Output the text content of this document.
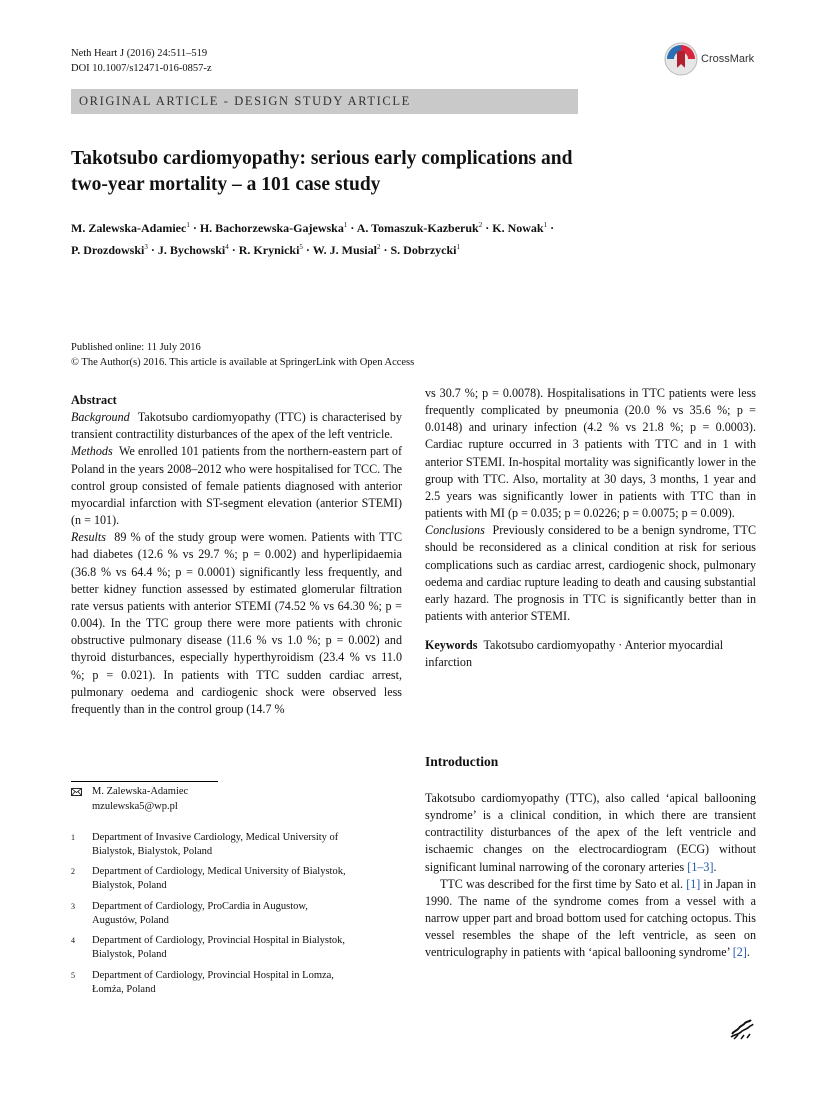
Neth Heart J (2016) 24:511–519
DOI 10.1007/s12471-016-0857-z
CrossMark
ORIGINAL ARTICLE - DESIGN STUDY ARTICLE
Takotsubo cardiomyopathy: serious early complications and
two-year mortality – a 101 case study
M. Zalewska-Adamiec$^1$ · H. Bachorzewska-Gajewska$^1$ · A. Tomaszuk-Kazberuk$^2$ · K. Nowak$^1$ ·
P. Drozdowski$^3$ · J. Bychowski$^4$ · R. Krynicki$^5$ · W. J. Musial$^2$ · S. Dobrzycki$^1$
Published online: 11 July 2016
© The Author(s) 2016. This article is available at SpringerLink with Open Access

Abstract

Background Takotsubo cardiomyopathy (TTC) is characterised by transient contractility disturbances of the apex of the left ventricle.

Methods We enrolled 101 patients from the northern-eastern part of Poland in the years 2008–2012 who were hospitalised for TCC. The control group consisted of female patients diagnosed with anterior myocardial infarction with ST-segment elevation (anterior STEMI) (n = 101).

Results 89 % of the study group were women. Patients with TTC had diabetes (12.6 % vs 29.7 %; p = 0.002) and hyperlipidaemia (36.8 % vs 64.4 %; p = 0.0001) significantly less frequently, and better kidney function assessed by estimated glomerular filtration rate versus patients with anterior STEMI (74.52 % vs 64.30 %; p = 0.004). In the TTC group there were more patients with chronic obstructive pulmonary disease (11.6 % vs 1.0 %; p = 0.002) and thyroid disturbances, especially hyperthyroidism (23.4 % vs 11.0 %; p = 0.021). In patients with TTC sudden cardiac arrest, pulmonary oedema and cardiogenic shock were observed less frequently than in the control group (14.7 %

vs 30.7 %; p = 0.0078). Hospitalisations in TTC patients were less frequently complicated by pneumonia (20.0 % vs 35.6 %; p = 0.0148) and urinary infection (4.2 % vs 21.8 %; p = 0.0003). Cardiac rupture occurred in 3 patients with TTC and in 1 with anterior STEMI. In-hospital mortality was significantly lower in the group with TTC. Also, mortality at 30 days, 3 months, 1 year and 2.5 years was significantly lower in patients with TTC than in patients with MI (p = 0.035; p = 0.0226; p = 0.0075; p = 0.009).

Conclusions Previously considered to be a benign syndrome, TTC should be reconsidered as a clinical condition at risk for serious complications such as cardiac arrest, cardiogenic shock, pulmonary oedema and cardiac rupture leading to death and causing substantial early hazard. The prognosis in TTC is significantly better than in patients with anterior STEMI.

Keywords Takotsubo cardiomyopathy · Anterior myocardial infarction

Introduction

Takotsubo cardiomyopathy (TTC), also called ‘apical ballooning syndrome’ is a clinical condition, in which there are transient contractility disturbances of the apex of the left ventricle and ischaemic changes on the electrocardiogram (ECG) without significant luminal narrowing of the coronary arteries [1–3].

TTC was described for the first time by Sato et al. [1] in Japan in 1990. The name of the syndrome comes from a vessel with a narrow upper part and broad bottom used for catching octopus. This vessel resembles the shape of the left ventricle, as seen on ventriculography in patients with ‘apical ballooning syndrome’ [2].

M. Zalewska-Adamiec
mzulewska5@wp.pl
1 Department of Invasive Cardiology, Medical University of
Bialystok, Bialystok, Poland
2 Department of Cardiology, Medical University of Bialystok,
Bialystok, Poland
3 Department of Cardiology, ProCardia in Augustow,
Augustów, Poland
4 Department of Cardiology, Provincial Hospital in Bialystok,
Bialystok, Poland
5 Department of Cardiology, Provincial Hospital in Lomza,
Łomża, Poland
